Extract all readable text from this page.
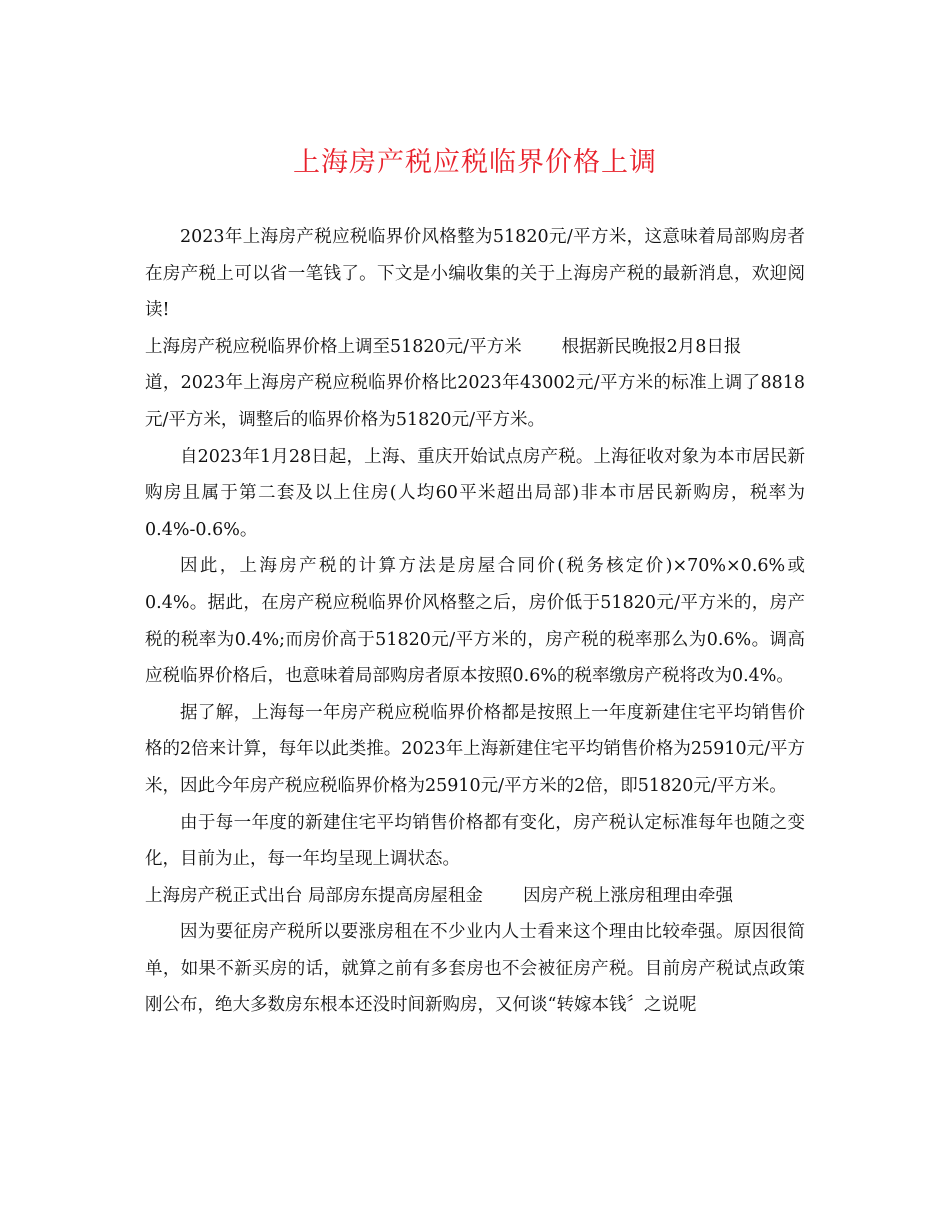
上海房产税应税临界价格上调

2023年上海房产税应税临界价风格整为51820元/平方米，这意味着局部购房者在房产税上可以省一笔钱了。下文是小编收集的关于上海房产税的最新消息，欢迎阅读!

上海房产税应税临界价格上调至51820元/平方米 根据新民晚报2月8日报

道，2023年上海房产税应税临界价格比2023年43002元/平方米的标准上调了8818元/平方米，调整后的临界价格为51820元/平方米。

自2023年1月28日起，上海、重庆开始试点房产税。上海征收对象为本市居民新购房且属于第二套及以上住房(人均60平米超出局部)非本市居民新购房，税率为0.4%-0.6%。

因此，上海房产税的计算方法是房屋合同价(税务核定价)×70%×0.6%或0.4%。据此，在房产税应税临界价风格整之后，房价低于51820元/平方米的，房产税的税率为0.4%;而房价高于51820元/平方米的，房产税的税率那么为0.6%。调高应税临界价格后，也意味着局部购房者原本按照0.6%的税率缴房产税将改为0.4%。

据了解，上海每一年房产税应税临界价格都是按照上一年度新建住宅平均销售价格的2倍来计算，每年以此类推。2023年上海新建住宅平均销售价格为25910元/平方米，因此今年房产税应税临界价格为25910元/平方米的2倍，即51820元/平方米。

由于每一年度的新建住宅平均销售价格都有变化，房产税认定标准每年也随之变化，目前为止，每一年均呈现上调状态。

上海房产税正式出台 局部房东提高房屋租金 因房产税上涨房租理由牵强

因为要征房产税所以要涨房租在不少业内人士看来这个理由比较牵强。原因很简单，如果不新买房的话，就算之前有多套房也不会被征房产税。目前房产税试点政策刚公布，绝大多数房东根本还没时间新购房，又何谈“转嫁本钱〞之说呢
